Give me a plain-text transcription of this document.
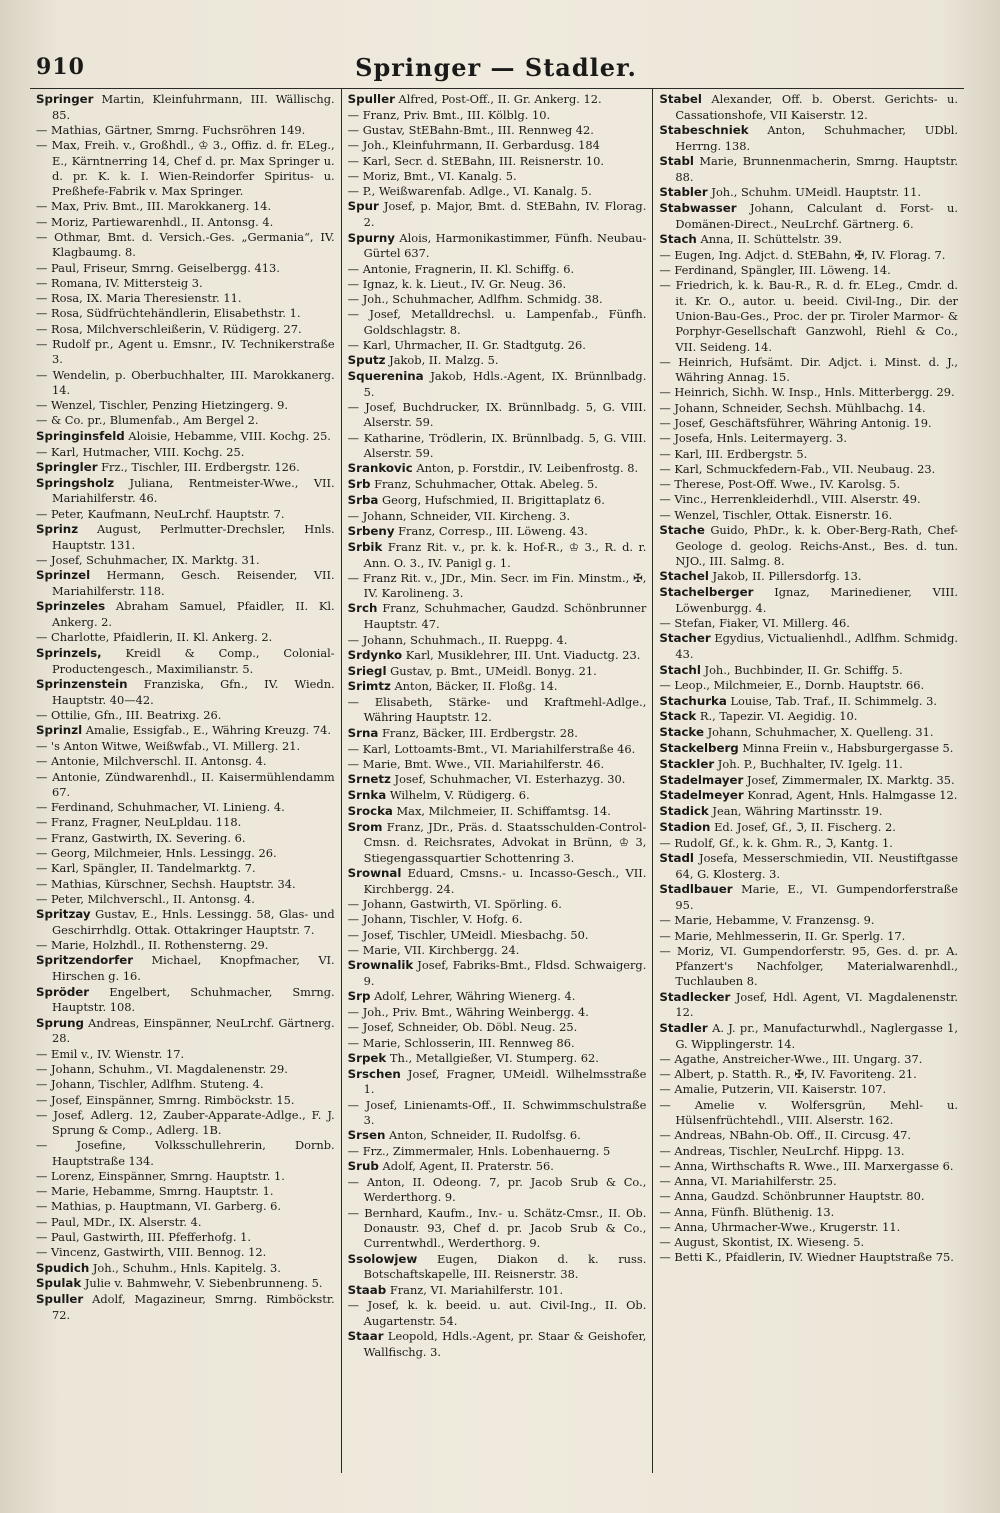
910	Springer — Stadler.

Springer Martin, Kleinfuhrmann, III. Wällischg. 85.

— Mathias, Gärtner, Smrng. Fuchsröhren 149.

— Max, Freih. v., Großhdl., ♔ 3., Offiz. d. fr. ELeg., E., Kärntnerring 14, Chef d. pr. Max Springer u. d. pr. K. k. I. Wien-Reindorfer Spiritus- u. Preßhefe-Fabrik v. Max Springer.

— Max, Priv. Bmt., III. Marokkanerg. 14.

— Moriz, Partiewarenhdl., II. Antonsg. 4.

— Othmar, Bmt. d. Versich.-Ges. „Germania“, IV. Klagbaumg. 8.

— Paul, Friseur, Smrng. Geiselbergg. 413.

— Romana, IV. Mittersteig 3.

— Rosa, IX. Maria Theresienstr. 11.

— Rosa, Südfrüchtehändlerin, Elisabethstr. 1.

— Rosa, Milchverschleißerin, V. Rüdigerg. 27.

— Rudolf pr., Agent u. Emsnr., IV. Technikerstraße 3.

— Wendelin, p. Oberbuchhalter, III. Marokkanerg. 14.

— Wenzel, Tischler, Penzing Hietzingerg. 9.

— & Co. pr., Blumenfab., Am Bergel 2.

Springinsfeld Aloisie, Hebamme, VIII. Kochg. 25.

— Karl, Hutmacher, VIII. Kochg. 25.

Springler Frz., Tischler, III. Erdbergstr. 126.

Springsholz Juliana, Rentmeister-Wwe., VII. Mariahilferstr. 46.

— Peter, Kaufmann, NeuLrchf. Hauptstr. 7.

Sprinz August, Perlmutter-Drechsler, Hnls. Hauptstr. 131.

— Josef, Schuhmacher, IX. Marktg. 31.

Sprinzel Hermann, Gesch. Reisender, VII. Mariahilferstr. 118.

Sprinzeles Abraham Samuel, Pfaidler, II. Kl. Ankerg. 2.

— Charlotte, Pfaidlerin, II. Kl. Ankerg. 2.

Sprinzels, Kreidl & Comp., Colonial-Productengesch., Maximilianstr. 5.

Sprinzenstein Franziska, Gfn., IV. Wiedn. Hauptstr. 40—42.

— Ottilie, Gfn., III. Beatrixg. 26.

Sprinzl Amalie, Essigfab., E., Währing Kreuzg. 74.

— 's Anton Witwe, Weißwfab., VI. Millerg. 21.

— Antonie, Milchverschl. II. Antonsg. 4.

— Antonie, Zündwarenhdl., II. Kaisermühlendamm 67.

— Ferdinand, Schuhmacher, VI. Linieng. 4.

— Franz, Fragner, NeuLpldau. 118.

— Franz, Gastwirth, IX. Severing. 6.

— Georg, Milchmeier, Hnls. Lessingg. 26.

— Karl, Spängler, II. Tandelmarktg. 7.

— Mathias, Kürschner, Sechsh. Hauptstr. 34.

— Peter, Milchverschl., II. Antonsg. 4.

Spritzay Gustav, E., Hnls. Lessingg. 58, Glas- und Geschirrhdlg. Ottak. Ottakringer Hauptstr. 7.

— Marie, Holzhdl., II. Rothensterng. 29.

Spritzendorfer Michael, Knopfmacher, VI. Hirschen g. 16.

Spröder Engelbert, Schuhmacher, Smrng. Hauptstr. 108.

Sprung Andreas, Einspänner, NeuLrchf. Gärtnerg. 28.

— Emil v., IV. Wienstr. 17.

— Johann, Schuhm., VI. Magdalenenstr. 29.

— Johann, Tischler, Adlfhm. Stuteng. 4.

— Josef, Einspänner, Smrng. Rimböckstr. 15.

— Josef, Adlerg. 12, Zauber-Apparate-Adlge., F. J. Sprung & Comp., Adlerg. 1B.

— Josefine, Volksschullehrerin, Dornb. Hauptstraße 134.

— Lorenz, Einspänner, Smrng. Hauptstr. 1.

— Marie, Hebamme, Smrng. Hauptstr. 1.

— Mathias, p. Hauptmann, VI. Garberg. 6.

— Paul, MDr., IX. Alserstr. 4.

— Paul, Gastwirth, III. Pfefferhofg. 1.

— Vincenz, Gastwirth, VIII. Bennog. 12.

Spudich Joh., Schuhm., Hnls. Kapitelg. 3.

Spulak Julie v. Bahmwehr, V. Siebenbrunneng. 5.

Spuller Adolf, Magazineur, Smrng. Rimböckstr. 72.

Spuller Alfred, Post-Off., II. Gr. Ankerg. 12.

— Franz, Priv. Bmt., III. Kölblg. 10.

— Gustav, StEBahn-Bmt., III. Rennweg 42.

— Joh., Kleinfuhrmann, II. Gerbardusg. 184

— Karl, Secr. d. StEBahn, III. Reisnerstr. 10.

— Moriz, Bmt., VI. Kanalg. 5.

— P., Weißwarenfab. Adlge., VI. Kanalg. 5.

Spur Josef, p. Major, Bmt. d. StEBahn, IV. Florag. 2.

Spurny Alois, Harmonikastimmer, Fünfh. Neubau-Gürtel 637.

— Antonie, Fragnerin, II. Kl. Schiffg. 6.

— Ignaz, k. k. Lieut., IV. Gr. Neug. 36.

— Joh., Schuhmacher, Adlfhm. Schmidg. 38.

— Josef, Metalldrechsl. u. Lampenfab., Fünfh. Goldschlagstr. 8.

— Karl, Uhrmacher, II. Gr. Stadtgutg. 26.

Sputz Jakob, II. Malzg. 5.

Squerenina Jakob, Hdls.-Agent, IX. Brünnlbadg. 5.

— Josef, Buchdrucker, IX. Brünnlbadg. 5, G. VIII. Alserstr. 59.

— Katharine, Trödlerin, IX. Brünnlbadg. 5, G. VIII. Alserstr. 59.

Srankovic Anton, p. Forstdir., IV. Leibenfrostg. 8.

Srb Franz, Schuhmacher, Ottak. Abeleg. 5.

Srba Georg, Hufschmied, II. Brigittaplatz 6.

— Johann, Schneider, VII. Kircheng. 3.

Srbeny Franz, Corresp., III. Löweng. 43.

Srbik Franz Rit. v., pr. k. k. Hof-R., ♔ 3., R. d. r. Ann. O. 3., IV. Panigl g. 1.

— Franz Rit. v., JDr., Min. Secr. im Fin. Minstm., ✠, IV. Karolineng. 3.

Srch Franz, Schuhmacher, Gaudzd. Schönbrunner Hauptstr. 47.

— Johann, Schuhmach., II. Rueppg. 4.

Srdynko Karl, Musiklehrer, III. Unt. Viaductg. 23.

Sriegl Gustav, p. Bmt., UMeidl. Bonyg. 21.

Srimtz Anton, Bäcker, II. Floßg. 14.

— Elisabeth, Stärke- und Kraftmehl-Adlge., Währing Hauptstr. 12.

Srna Franz, Bäcker, III. Erdbergstr. 28.

— Karl, Lottoamts-Bmt., VI. Mariahilferstraße 46.

— Marie, Bmt. Wwe., VII. Mariahilferstr. 46.

Srnetz Josef, Schuhmacher, VI. Esterhazyg. 30.

Srnka Wilhelm, V. Rüdigerg. 6.

Srocka Max, Milchmeier, II. Schiffamtsg. 14.

Srom Franz, JDr., Präs. d. Staatsschulden-Control-Cmsn. d. Reichsrates, Advokat in Brünn, ♔ 3, Stiegengassquartier Schottenring 3.

Srownal Eduard, Cmsns.- u. Incasso-Gesch., VII. Kirchbergg. 24.

— Johann, Gastwirth, VI. Spörling. 6.

— Johann, Tischler, V. Hofg. 6.

— Josef, Tischler, UMeidl. Miesbachg. 50.

— Marie, VII. Kirchbergg. 24.

Srownalik Josef, Fabriks-Bmt., Fldsd. Schwaigerg. 9.

Srp Adolf, Lehrer, Währing Wienerg. 4.

— Joh., Priv. Bmt., Währing Weinbergg. 4.

— Josef, Schneider, Ob. Döbl. Neug. 25.

— Marie, Schlosserin, III. Rennweg 86.

Srpek Th., Metallgießer, VI. Stumperg. 62.

Srschen Josef, Fragner, UMeidl. Wilhelmsstraße 1.

— Josef, Linienamts-Off., II. Schwimmschulstraße 3.

Srsen Anton, Schneider, II. Rudolfsg. 6.

— Frz., Zimmermaler, Hnls. Lobenhauerng. 5

Srub Adolf, Agent, II. Praterstr. 56.

— Anton, II. Odeong. 7, pr. Jacob Srub & Co., Werderthorg. 9.

— Bernhard, Kaufm., Inv.- u. Schätz-Cmsr., II. Ob. Donaustr. 93, Chef d. pr. Jacob Srub & Co., Currentwhdl., Werderthorg. 9.

Ssolowjew Eugen, Diakon d. k. russ. Botschaftskapelle, III. Reisnerstr. 38.

Staab Franz, VI. Mariahilferstr. 101.

— Josef, k. k. beeid. u. aut. Civil-Ing., II. Ob. Augartenstr. 54.

Staar Leopold, Hdls.-Agent, pr. Staar & Geishofer, Wallfischg. 3.

Stabel Alexander, Off. b. Oberst. Gerichts- u. Cassationshofe, VII Kaiserstr. 12.

Stabeschniek Anton, Schuhmacher, UDbl. Herrng. 138.

Stabl Marie, Brunnenmacherin, Smrng. Hauptstr. 88.

Stabler Joh., Schuhm. UMeidl. Hauptstr. 11.

Stabwasser Johann, Calculant d. Forst- u. Domänen-Direct., NeuLrchf. Gärtnerg. 6.

Stach Anna, II. Schüttelstr. 39.

— Eugen, Ing. Adjct. d. StEBahn, ✠, IV. Florag. 7.

— Ferdinand, Spängler, III. Löweng. 14.

— Friedrich, k. k. Bau-R., R. d. fr. ELeg., Cmdr. d. it. Kr. O., autor. u. beeid. Civil-Ing., Dir. der Union-Bau-Ges., Proc. der pr. Tiroler Marmor- & Porphyr-Gesellschaft Ganzwohl, Riehl & Co., VII. Seideng. 14.

— Heinrich, Hufsämt. Dir. Adjct. i. Minst. d. J., Währing Annag. 15.

— Heinrich, Sichh. W. Insp., Hnls. Mitterbergg. 29.

— Johann, Schneider, Sechsh. Mühlbachg. 14.

— Josef, Geschäftsführer, Währing Antonig. 19.

— Josefa, Hnls. Leitermayerg. 3.

— Karl, III. Erdbergstr. 5.

— Karl, Schmuckfedern-Fab., VII. Neubaug. 23.

— Therese, Post-Off. Wwe., IV. Karolsg. 5.

— Vinc., Herrenkleiderhdl., VIII. Alserstr. 49.

— Wenzel, Tischler, Ottak. Eisnerstr. 16.

Stache Guido, PhDr., k. k. Ober-Berg-Rath, Chef-Geologe d. geolog. Reichs-Anst., Bes. d. tun. NJO., III. Salmg. 8.

Stachel Jakob, II. Pillersdorfg. 13.

Stachelberger Ignaz, Marinediener, VIII. Löwenburgg. 4.

— Stefan, Fiaker, VI. Millerg. 46.

Stacher Egydius, Victualienhdl., Adlfhm. Schmidg. 43.

Stachl Joh., Buchbinder, II. Gr. Schiffg. 5.

— Leop., Milchmeier, E., Dornb. Hauptstr. 66.

Stachurka Louise, Tab. Traf., II. Schimmelg. 3.

Stack R., Tapezir. VI. Aegidig. 10.

Stacke Johann, Schuhmacher, X. Quelleng. 31.

Stackelberg Minna Freiin v., Habsburgergasse 5.

Stackler Joh. P., Buchhalter, IV. Igelg. 11.

Stadelmayer Josef, Zimmermaler, IX. Marktg. 35.

Stadelmeyer Konrad, Agent, Hnls. Halmgasse 12.

Stadick Jean, Währing Martinsstr. 19.

Stadion Ed. Josef, Gf., ℑ, II. Fischerg. 2.

— Rudolf, Gf., k. k. Ghm. R., ℑ, Kantg. 1.

Stadl Josefa, Messerschmiedin, VII. Neustiftgasse 64, G. Klosterg. 3.

Stadlbauer Marie, E., VI. Gumpendorferstraße 95.

— Marie, Hebamme, V. Franzensg. 9.

— Marie, Mehlmesserin, II. Gr. Sperlg. 17.

— Moriz, VI. Gumpendorferstr. 95, Ges. d. pr. A. Pfanzert's Nachfolger, Materialwarenhdl., Tuchlauben 8.

Stadlecker Josef, Hdl. Agent, VI. Magdalenenstr. 12.

Stadler A. J. pr., Manufacturwhdl., Naglergasse 1, G. Wipplingerstr. 14.

— Agathe, Anstreicher-Wwe., III. Ungarg. 37.

— Albert, p. Statth. R., ✠, IV. Favoriteng. 21.

— Amalie, Putzerin, VII. Kaiserstr. 107.

— Amelie v. Wolfersgrün, Mehl- u. Hülsenfrüchtehdl., VIII. Alserstr. 162.

— Andreas, NBahn-Ob. Off., II. Circusg. 47.

— Andreas, Tischler, NeuLrchf. Hippg. 13.

— Anna, Wirthschafts R. Wwe., III. Marxergasse 6.

— Anna, VI. Mariahilferstr. 25.

— Anna, Gaudzd. Schönbrunner Hauptstr. 80.

— Anna, Fünfh. Blüthenig. 13.

— Anna, Uhrmacher-Wwe., Krugerstr. 11.

— August, Skontist, IX. Wieseng. 5.

— Betti K., Pfaidlerin, IV. Wiedner Hauptstraße 75.
